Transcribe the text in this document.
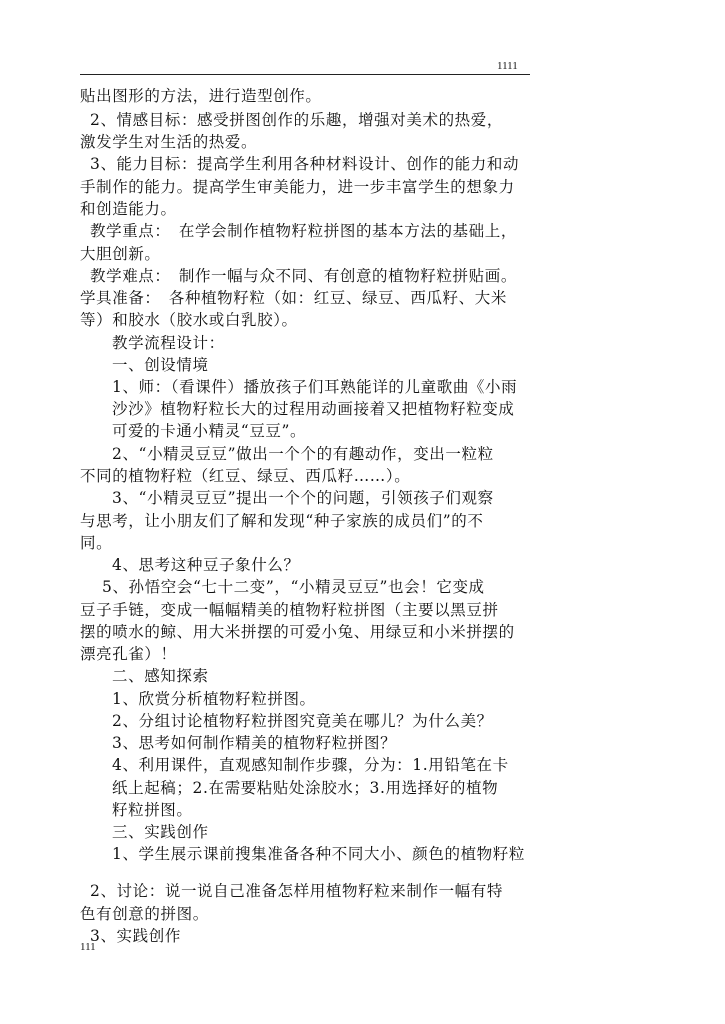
1111
贴出图形的方法，进行造型创作。
2、情感目标：感受拼图创作的乐趣，增强对美术的热爱，
激发学生对生活的热爱。
3、能力目标：提高学生利用各种材料设计、创作的能力和动
手制作的能力。提高学生审美能力，进一步丰富学生的想象力
和创造能力。
教学重点：　在学会制作植物籽粒拼图的基本方法的基础上，
大胆创新。
教学难点：　制作一幅与众不同、有创意的植物籽粒拼贴画。
学具准备：　各种植物籽粒（如：红豆、绿豆、西瓜籽、大米
等）和胶水（胶水或白乳胶）。
教学流程设计：
一、创设情境
1、师：（看课件）播放孩子们耳熟能详的儿童歌曲《小雨
沙沙》植物籽粒长大的过程用动画接着又把植物籽粒变成
可爱的卡通小精灵“豆豆”。
2、“小精灵豆豆”做出一个个的有趣动作，变出一粒粒
不同的植物籽粒（红豆、绿豆、西瓜籽……）。
3、“小精灵豆豆”提出一个个的问题，引领孩子们观察
与思考，让小朋友们了解和发现“种子家族的成员们”的不
同。
4、思考这种豆子象什么？
5、孙悟空会“七十二变”，“小精灵豆豆”也会！它变成
豆子手链，变成一幅幅精美的植物籽粒拼图（主要以黑豆拼
摆的喷水的鲸、用大米拼摆的可爱小兔、用绿豆和小米拼摆的
漂亮孔雀）！
二、感知探索
1、欣赏分析植物籽粒拼图。
2、分组讨论植物籽粒拼图究竟美在哪儿？为什么美？
3、思考如何制作精美的植物籽粒拼图？
4、利用课件，直观感知制作步骤，分为：1.用铅笔在卡
纸上起稿；2.在需要粘贴处涂胶水；3.用选择好的植物
籽粒拼图。
三、实践创作
1、学生展示课前搜集准备各种不同大小、颜色的植物籽粒
2、讨论：说一说自己准备怎样用植物籽粒来制作一幅有特
色有创意的拼图。
3、实践创作
111
